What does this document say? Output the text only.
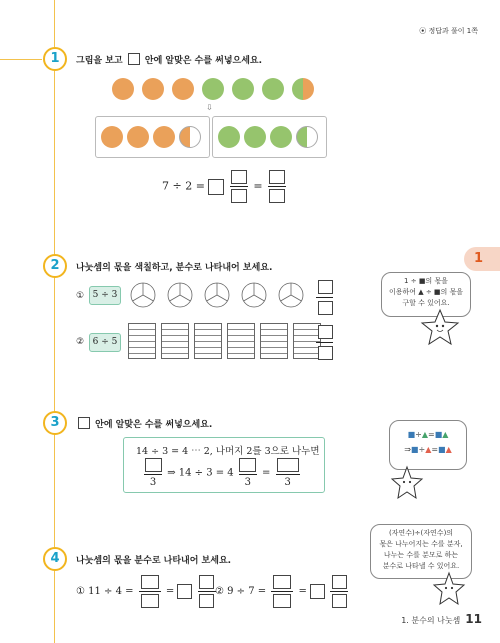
⦿ 정답과 풀이 1쪽
1
1	그림을 보고 안에 알맞은 수를 써넣으세요.
⇩
7 ÷ 2 =	=
2	나눗셈의 몫을 색칠하고, 분수로 나타내어 보세요.
① 5 ÷ 3
② 6 ÷ 5
1 ÷ ■의 몫을
이용하여 ▲ ÷ ■의 몫을
구할 수 있어요.
3	안에 알맞은 수를 써넣으세요.
14 ÷ 3 = 4 ⋯ 2, 나머지 2를 3으로 나누면
3
⇒ 14 ÷ 3 = 4
3
=
3
■÷▲=■▲
⇒■÷▲=■▲
4	나눗셈의 몫을 분수로 나타내어 보세요.
① 11 ÷ 4 =	=	② 9 ÷ 7 =	=
(자연수)÷(자연수)의
몫은 나누어지는 수를 분자,
나누는 수를 분모로 하는
분수로 나타낼 수 있어요.
1. 분수의 나눗셈 11
